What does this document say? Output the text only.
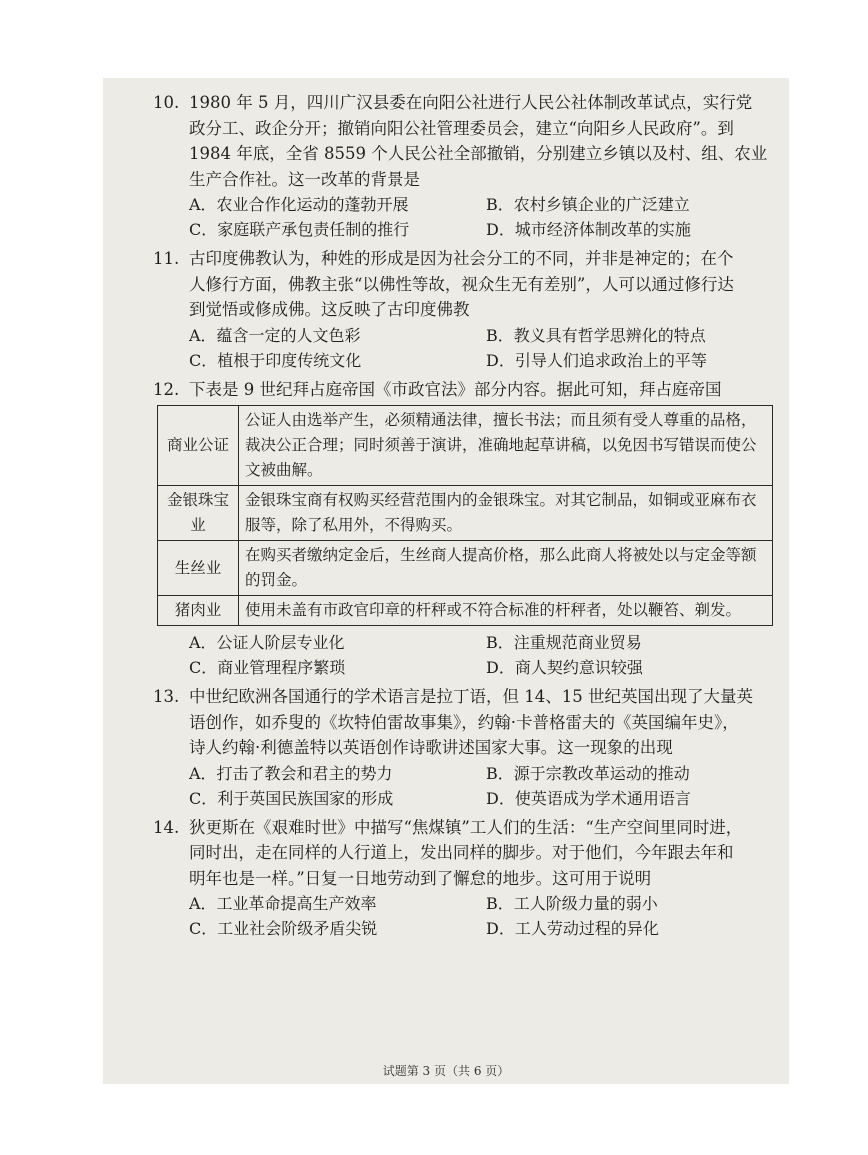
10. 1980 年 5 月，四川广汉县委在向阳公社进行人民公社体制改革试点，实行党
政分工、政企分开；撤销向阳公社管理委员会，建立“向阳乡人民政府”。到
1984 年底，全省 8559 个人民公社全部撤销，分别建立乡镇以及村、组、农业
生产合作社。这一改革的背景是
A．农业合作化运动的蓬勃开展	B．农村乡镇企业的广泛建立
C．家庭联产承包责任制的推行	D．城市经济体制改革的实施
11. 古印度佛教认为，种姓的形成是因为社会分工的不同，并非是神定的；在个
人修行方面，佛教主张“以佛性等故，视众生无有差别”，人可以通过修行达
到觉悟或修成佛。这反映了古印度佛教
A．蕴含一定的人文色彩	B．教义具有哲学思辨化的特点
C．植根于印度传统文化	D．引导人们追求政治上的平等
12. 下表是 9 世纪拜占庭帝国《市政官法》部分内容。据此可知，拜占庭帝国
商业公证	公证人由选举产生，必须精通法律，擅长书法；而且须有受人尊重的品格，裁决公正合理；同时须善于演讲，准确地起草讲稿，以免因书写错误而使公文被曲解。
金银珠宝业	金银珠宝商有权购买经营范围内的金银珠宝。对其它制品，如铜或亚麻布衣服等，除了私用外，不得购买。
生丝业	在购买者缴纳定金后，生丝商人提高价格，那么此商人将被处以与定金等额的罚金。
猪肉业	使用未盖有市政官印章的杆秤或不符合标准的杆秤者，处以鞭笞、剃发。
A．公证人阶层专业化	B．注重规范商业贸易
C．商业管理程序繁琐	D．商人契约意识较强
13. 中世纪欧洲各国通行的学术语言是拉丁语，但 14、15 世纪英国出现了大量英
语创作，如乔叟的《坎特伯雷故事集》，约翰·卡普格雷夫的《英国编年史》，
诗人约翰·利德盖特以英语创作诗歌讲述国家大事。这一现象的出现
A．打击了教会和君主的势力	B．源于宗教改革运动的推动
C．利于英国民族国家的形成	D．使英语成为学术通用语言
14. 狄更斯在《艰难时世》中描写“焦煤镇”工人们的生活：“生产空间里同时进，
同时出，走在同样的人行道上，发出同样的脚步。对于他们，今年跟去年和
明年也是一样。”日复一日地劳动到了懈怠的地步。这可用于说明
A．工业革命提高生产效率	B．工人阶级力量的弱小
C．工业社会阶级矛盾尖锐	D．工人劳动过程的异化
试题第 3 页（共 6 页）
